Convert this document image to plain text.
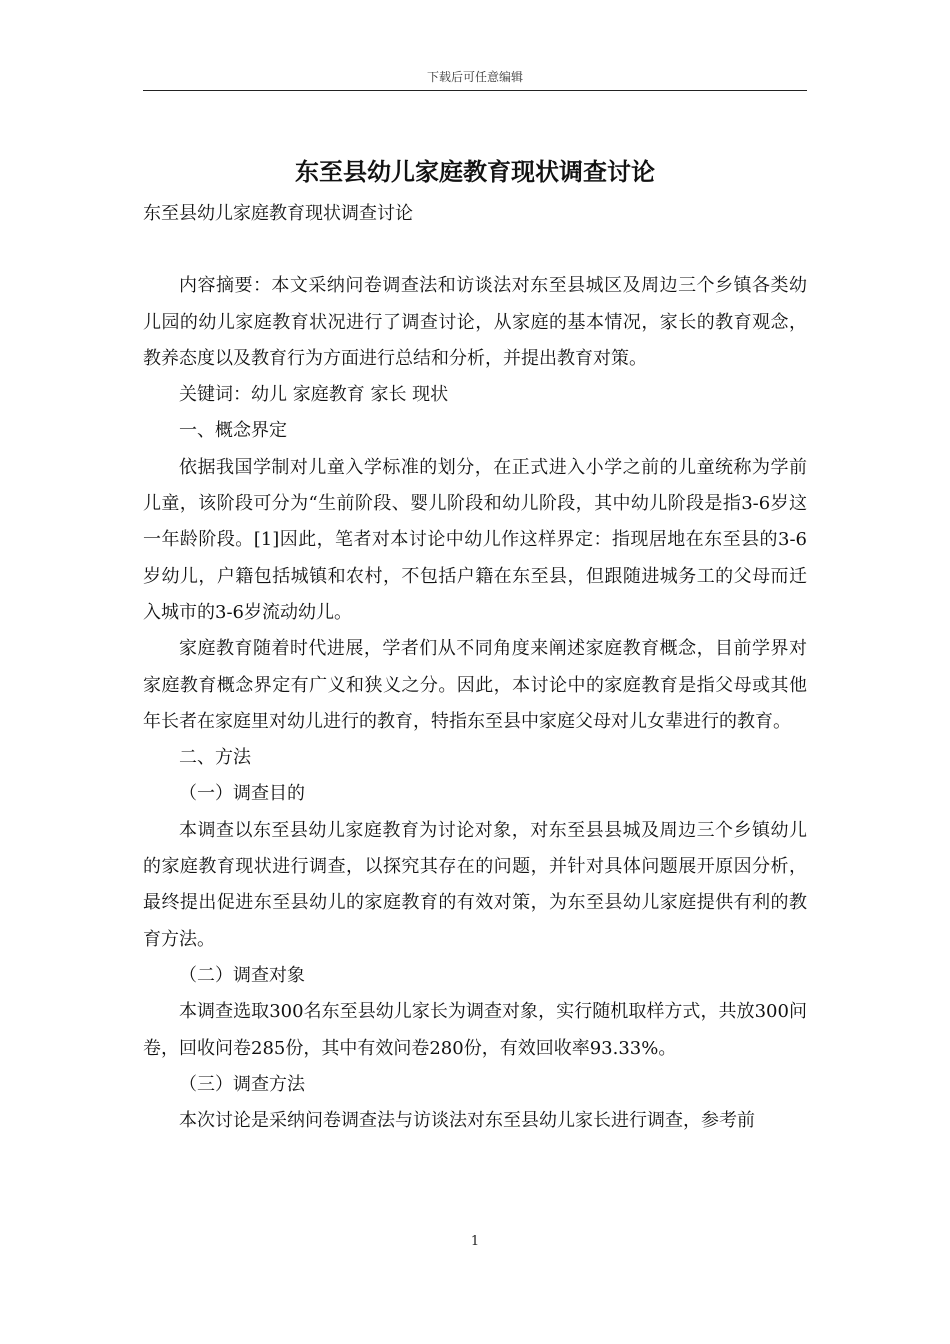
下载后可任意编辑
东至县幼儿家庭教育现状调查讨论

东至县幼儿家庭教育现状调查讨论

内容摘要：本文采纳问卷调查法和访谈法对东至县城区及周边三个乡镇各类幼儿园的幼儿家庭教育状况进行了调查讨论，从家庭的基本情况，家长的教育观念，教养态度以及教育行为方面进行总结和分析，并提出教育对策。

关键词：幼儿 家庭教育 家长 现状

一、概念界定

依据我国学制对儿童入学标准的划分，在正式进入小学之前的儿童统称为学前儿童，该阶段可分为“生前阶段、婴儿阶段和幼儿阶段，其中幼儿阶段是指3-6岁这一年龄阶段。[1]因此，笔者对本讨论中幼儿作这样界定：指现居地在东至县的3-6岁幼儿，户籍包括城镇和农村，不包括户籍在东至县，但跟随进城务工的父母而迁入城市的3-6岁流动幼儿。

家庭教育随着时代进展，学者们从不同角度来阐述家庭教育概念，目前学界对家庭教育概念界定有广义和狭义之分。因此，本讨论中的家庭教育是指父母或其他年长者在家庭里对幼儿进行的教育，特指东至县中家庭父母对儿女辈进行的教育。

二、方法

（一）调查目的

本调查以东至县幼儿家庭教育为讨论对象，对东至县县城及周边三个乡镇幼儿的家庭教育现状进行调查，以探究其存在的问题，并针对具体问题展开原因分析，最终提出促进东至县幼儿的家庭教育的有效对策，为东至县幼儿家庭提供有利的教育方法。

（二）调查对象

本调查选取300名东至县幼儿家长为调查对象，实行随机取样方式，共放300问卷，回收问卷285份，其中有效问卷280份，有效回收率93.33%。

（三）调查方法

本次讨论是采纳问卷调查法与访谈法对东至县幼儿家长进行调查，参考前

1
